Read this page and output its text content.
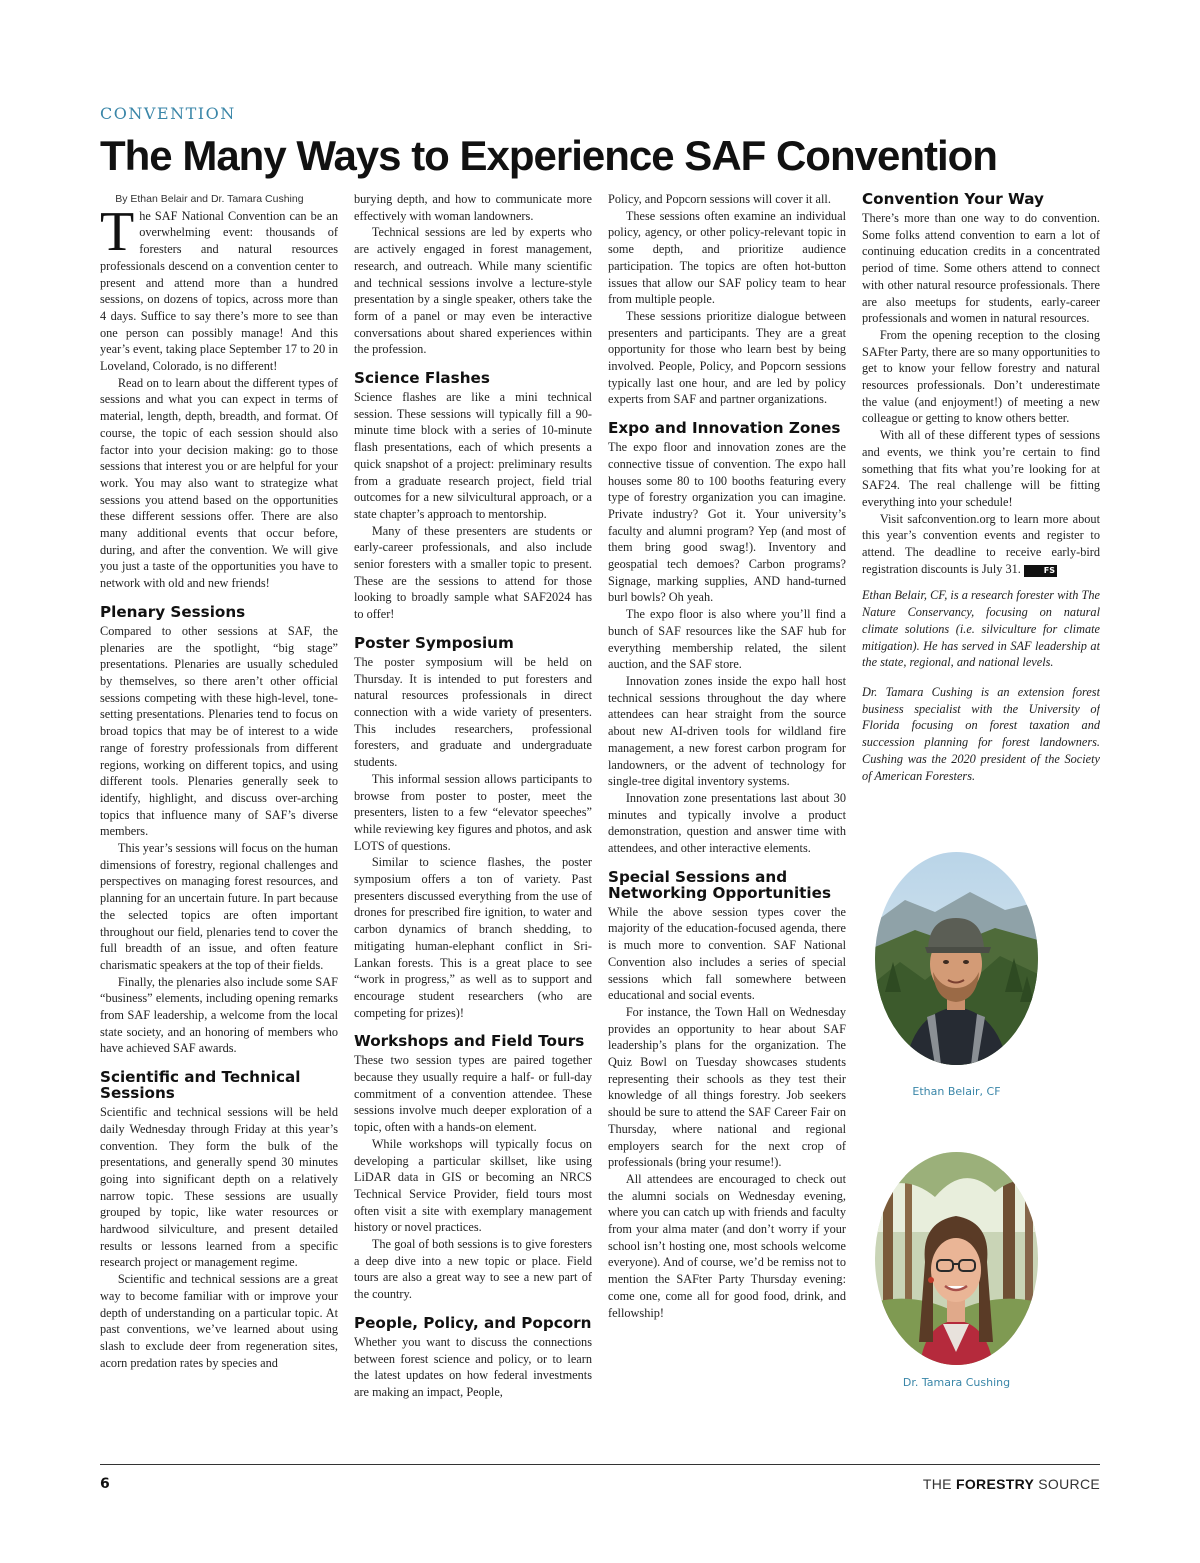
CONVENTION
The Many Ways to Experience SAF Convention

By Ethan Belair and Dr. Tamara Cushing

The SAF National Convention can be an overwhelming event: thousands of foresters and natural resources professionals descend on a convention center to present and attend more than a hundred sessions, on dozens of topics, across more than 4 days. Suffice to say there’s more to see than one person can possibly manage! And this year’s event, taking place September 17 to 20 in Loveland, Colorado, is no different!

Read on to learn about the different types of sessions and what you can expect in terms of material, length, depth, breadth, and format. Of course, the topic of each session should also factor into your decision making: go to those sessions that interest you or are helpful for your work. You may also want to strategize what sessions you attend based on the opportunities these different sessions offer. There are also many additional events that occur before, during, and after the convention. We will give you just a taste of the opportunities you have to network with old and new friends!

Plenary Sessions

Compared to other sessions at SAF, the plenaries are the spotlight, “big stage” presentations. Plenaries are usually scheduled by themselves, so there aren’t other official sessions competing with these high-level, tone-setting presentations. Plenaries tend to focus on broad topics that may be of interest to a wide range of forestry professionals from different regions, working on different topics, and using different tools. Plenaries generally seek to identify, highlight, and discuss over-arching topics that influence many of SAF’s diverse members.

This year’s sessions will focus on the human dimensions of forestry, regional challenges and perspectives on managing forest resources, and planning for an uncertain future. In part because the selected topics are often important throughout our field, plenaries tend to cover the full breadth of an issue, and often feature charismatic speakers at the top of their fields.

Finally, the plenaries also include some SAF “business” elements, including opening remarks from SAF leadership, a welcome from the local state society, and an honoring of members who have achieved SAF awards.

Scientific and Technical Sessions

Scientific and technical sessions will be held daily Wednesday through Friday at this year’s convention. They form the bulk of the presentations, and generally spend 30 minutes going into significant depth on a relatively narrow topic. These sessions are usually grouped by topic, like water resources or hardwood silviculture, and present detailed results or lessons learned from a specific research project or management regime.

Scientific and technical sessions are a great way to become familiar with or improve your depth of understanding on a particular topic. At past conventions, we’ve learned about using slash to exclude deer from regeneration sites, acorn predation rates by species and

burying depth, and how to communicate more effectively with woman landowners.

Technical sessions are led by experts who are actively engaged in forest management, research, and outreach. While many scientific and technical sessions involve a lecture-style presentation by a single speaker, others take the form of a panel or may even be interactive conversations about shared experiences within the profession.

Science Flashes

Science flashes are like a mini technical session. These sessions will typically fill a 90-minute time block with a series of 10-minute flash presentations, each of which presents a quick snapshot of a project: preliminary results from a graduate research project, field trial outcomes for a new silvicultural approach, or a state chapter’s approach to mentorship.

Many of these presenters are students or early-career professionals, and also include senior foresters with a smaller topic to present. These are the sessions to attend for those looking to broadly sample what SAF2024 has to offer!

Poster Symposium

The poster symposium will be held on Thursday. It is intended to put foresters and natural resources professionals in direct connection with a wide variety of presenters. This includes researchers, professional foresters, and graduate and undergraduate students.

This informal session allows participants to browse from poster to poster, meet the presenters, listen to a few “elevator speeches” while reviewing key figures and photos, and ask LOTS of questions.

Similar to science flashes, the poster symposium offers a ton of variety. Past presenters discussed everything from the use of drones for prescribed fire ignition, to water and carbon dynamics of branch shedding, to mitigating human-elephant conflict in Sri-Lankan forests. This is a great place to see “work in progress,” as well as to support and encourage student researchers (who are competing for prizes)!

Workshops and Field Tours

These two session types are paired together because they usually require a half- or full-day commitment of a convention attendee. These sessions involve much deeper exploration of a topic, often with a hands-on element.

While workshops will typically focus on developing a particular skillset, like using LiDAR data in GIS or becoming an NRCS Technical Service Provider, field tours most often visit a site with exemplary management history or novel practices.

The goal of both sessions is to give foresters a deep dive into a new topic or place. Field tours are also a great way to see a new part of the country.

People, Policy, and Popcorn

Whether you want to discuss the connections between forest science and policy, or to learn the latest updates on how federal investments are making an impact, People,

Policy, and Popcorn sessions will cover it all.

These sessions often examine an individual policy, agency, or other policy-relevant topic in some depth, and prioritize audience participation. The topics are often hot-button issues that allow our SAF policy team to hear from multiple people.

These sessions prioritize dialogue between presenters and participants. They are a great opportunity for those who learn best by being involved. People, Policy, and Popcorn sessions typically last one hour, and are led by policy experts from SAF and partner organizations.

Expo and Innovation Zones

The expo floor and innovation zones are the connective tissue of convention. The expo hall houses some 80 to 100 booths featuring every type of forestry organization you can imagine. Private industry? Got it. Your university’s faculty and alumni program? Yep (and most of them bring good swag!). Inventory and geospatial tech demoes? Carbon programs? Signage, marking supplies, AND hand-turned burl bowls? Oh yeah.

The expo floor is also where you’ll find a bunch of SAF resources like the SAF hub for everything membership related, the silent auction, and the SAF store.

Innovation zones inside the expo hall host technical sessions throughout the day where attendees can hear straight from the source about new AI-driven tools for wildland fire management, a new forest carbon program for landowners, or the advent of technology for single-tree digital inventory systems.

Innovation zone presentations last about 30 minutes and typically involve a product demonstration, question and answer time with attendees, and other interactive elements.

Special Sessions and Networking Opportunities

While the above session types cover the majority of the education-focused agenda, there is much more to convention. SAF National Convention also includes a series of special sessions which fall somewhere between educational and social events.

For instance, the Town Hall on Wednesday provides an opportunity to hear about SAF leadership’s plans for the organization. The Quiz Bowl on Tuesday showcases students representing their schools as they test their knowledge of all things forestry. Job seekers should be sure to attend the SAF Career Fair on Thursday, where national and regional employers search for the next crop of professionals (bring your resume!).

All attendees are encouraged to check out the alumni socials on Wednesday evening, where you can catch up with friends and faculty from your alma mater (and don’t worry if your school isn’t hosting one, most schools welcome everyone). And of course, we’d be remiss not to mention the SAFter Party Thursday evening: come one, come all for good food, drink, and fellowship!

Convention Your Way

There’s more than one way to do convention. Some folks attend convention to earn a lot of continuing education credits in a concentrated period of time. Some others attend to connect with other natural resource professionals. There are also meetups for students, early-career professionals and women in natural resources.

From the opening reception to the closing SAFter Party, there are so many opportunities to get to know your fellow forestry and natural resources professionals. Don’t underestimate the value (and enjoyment!) of meeting a new colleague or getting to know others better.

With all of these different types of sessions and events, we think you’re certain to find something that fits what you’re looking for at SAF24. The real challenge will be fitting everything into your schedule!

Visit safconvention.org to learn more about this year’s convention events and register to attend. The deadline to receive early-bird registration discounts is July 31.	FS

Ethan Belair, CF, is a research forester with The Nature Conservancy, focusing on natural climate solutions (i.e. silviculture for climate mitigation). He has served in SAF leadership at the state, regional, and national levels.

Dr. Tamara Cushing is an extension forest business specialist with the University of Florida focusing on forest taxation and succession planning for forest landowners. Cushing was the 2020 president of the Society of American Foresters.

Ethan Belair, CF
Dr. Tamara Cushing
6	THE FORESTRY SOURCE
